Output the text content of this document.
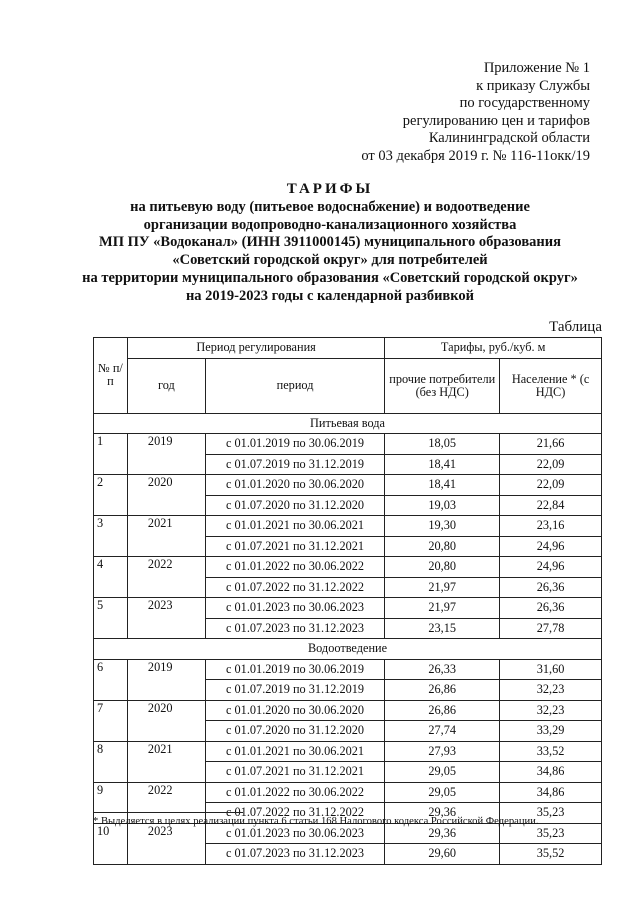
Приложение № 1
к приказу Службы
по государственному
регулированию цен и тарифов
Калининградской области
от 03 декабря 2019 г. № 116-11окк/19
ТАРИФЫ
на питьевую воду (питьевое водоснабжение) и водоотведение
организации водопроводно-канализационного хозяйства
МП ПУ «Водоканал» (ИНН 3911000145) муниципального образования
«Советский городской округ» для потребителей
на территории муниципального образования «Советский городской округ»
на 2019-2023 годы с календарной разбивкой
Таблица
№ п/п	Период регулирования		Тарифы, руб./куб. м	
	год	период	прочие потребители (без НДС)	Население * (с НДС)
Питьевая вода				
1	2019	с 01.01.2019 по 30.06.2019	18,05	21,66
		с 01.07.2019 по 31.12.2019	18,41	22,09
2	2020	с 01.01.2020 по 30.06.2020	18,41	22,09
		с 01.07.2020 по 31.12.2020	19,03	22,84
3	2021	с 01.01.2021 по 30.06.2021	19,30	23,16
		с 01.07.2021 по 31.12.2021	20,80	24,96
4	2022	с 01.01.2022 по 30.06.2022	20,80	24,96
		с 01.07.2022 по 31.12.2022	21,97	26,36
5	2023	с 01.01.2023 по 30.06.2023	21,97	26,36
		с 01.07.2023 по 31.12.2023	23,15	27,78
Водоотведение				
6	2019	с 01.01.2019 по 30.06.2019	26,33	31,60
		с 01.07.2019 по 31.12.2019	26,86	32,23
7	2020	с 01.01.2020 по 30.06.2020	26,86	32,23
		с 01.07.2020 по 31.12.2020	27,74	33,29
8	2021	с 01.01.2021 по 30.06.2021	27,93	33,52
		с 01.07.2021 по 31.12.2021	29,05	34,86
9	2022	с 01.01.2022 по 30.06.2022	29,05	34,86
		с 01.07.2022 по 31.12.2022	29,36	35,23
10	2023	с 01.01.2023 по 30.06.2023	29,36	35,23
		с 01.07.2023 по 31.12.2023	29,60	35,52
* Выделяется в целях реализации пункта 6 статьи 168 Налогового кодекса Российской Федерации.
